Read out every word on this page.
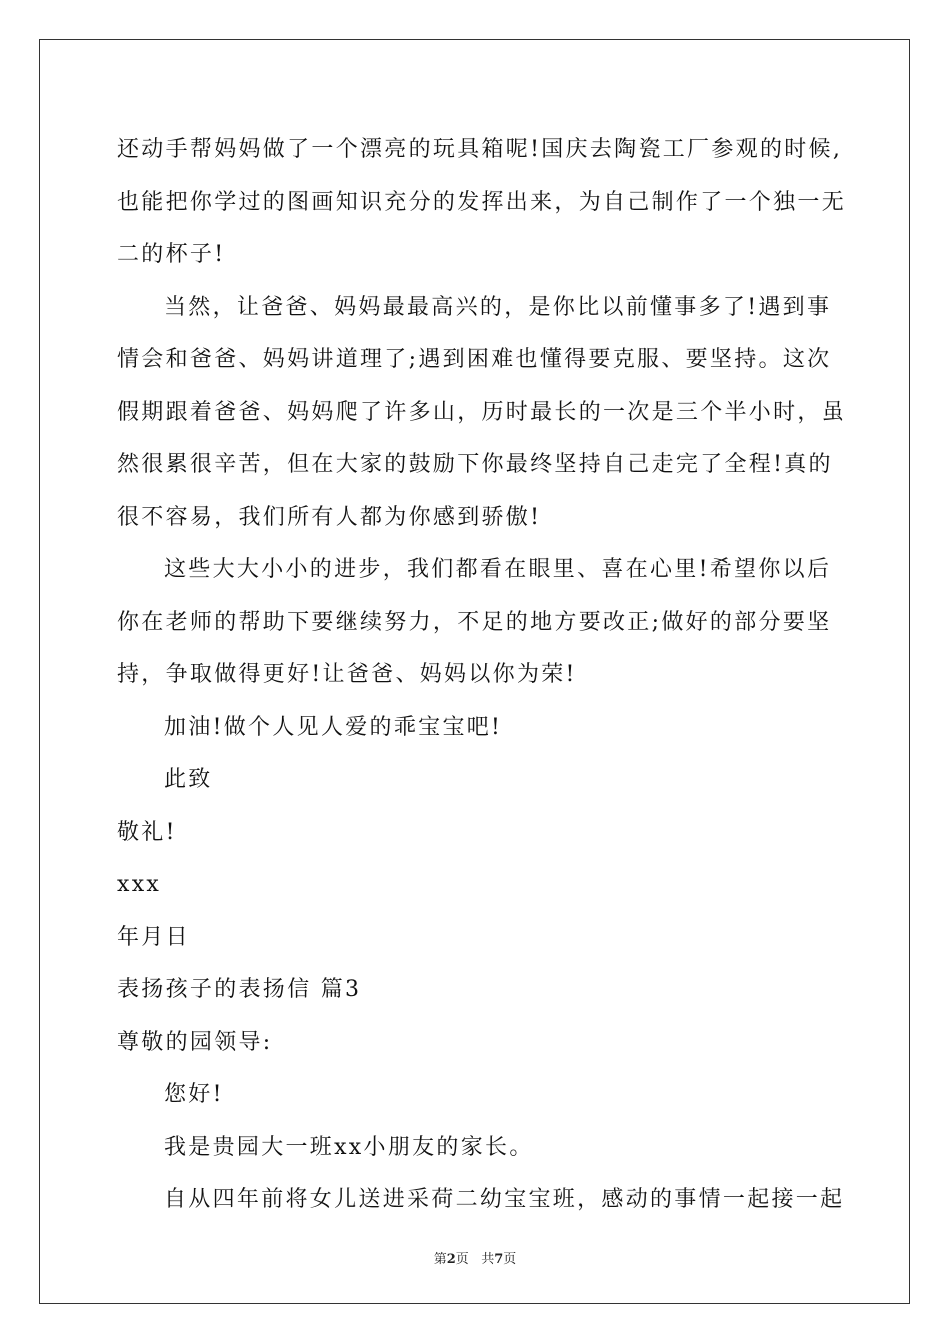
还动手帮妈妈做了一个漂亮的玩具箱呢!国庆去陶瓷工厂参观的时候,
也能把你学过的图画知识充分的发挥出来，为自己制作了一个独一无
二的杯子!
当然，让爸爸、妈妈最最高兴的，是你比以前懂事多了!遇到事
情会和爸爸、妈妈讲道理了;遇到困难也懂得要克服、要坚持。这次
假期跟着爸爸、妈妈爬了许多山，历时最长的一次是三个半小时，虽
然很累很辛苦，但在大家的鼓励下你最终坚持自己走完了全程!真的
很不容易，我们所有人都为你感到骄傲!
这些大大小小的进步，我们都看在眼里、喜在心里!希望你以后
你在老师的帮助下要继续努力，不足的地方要改正;做好的部分要坚
持，争取做得更好!让爸爸、妈妈以你为荣!
加油!做个人见人爱的乖宝宝吧!
此致
敬礼!
xxx
年月日
表扬孩子的表扬信 篇3
尊敬的园领导:
您好!
我是贵园大一班xx小朋友的家长。
自从四年前将女儿送进采荷二幼宝宝班，感动的事情一起接一起
第2页 共7页
